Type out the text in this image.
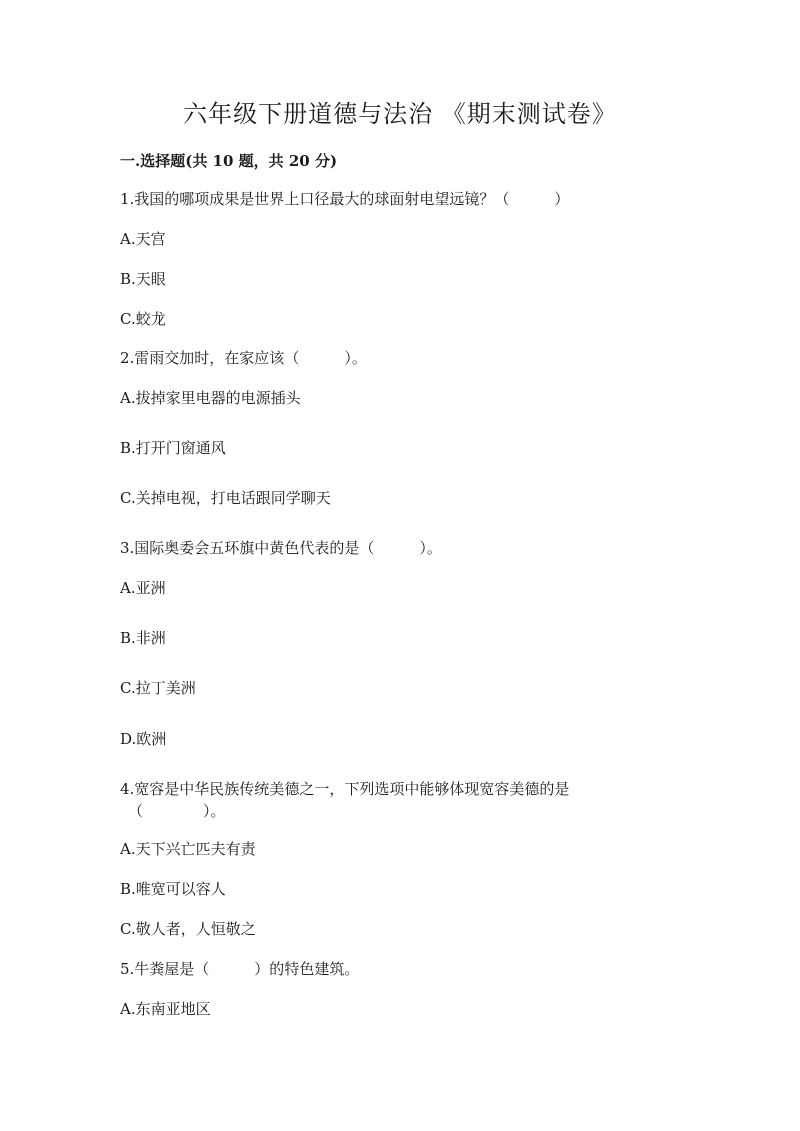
六年级下册道德与法治 《期末测试卷》

一.选择题(共 10 题，共 20 分)

1.我国的哪项成果是世界上口径最大的球面射电望远镜？（　　　）

A.天宫

B.天眼

C.蛟龙

2.雷雨交加时，在家应该（　　　）。

A.拔掉家里电器的电源插头

B.打开门窗通风

C.关掉电视，打电话跟同学聊天

3.国际奥委会五环旗中黄色代表的是（　　　）。

A.亚洲

B.非洲

C.拉丁美洲

D.欧洲

4.宽容是中华民族传统美德之一，下列选项中能够体现宽容美德的是

（　　　　）。

A.天下兴亡匹夫有责

B.唯宽可以容人

C.敬人者，人恒敬之

5.牛粪屋是（　　　）的特色建筑。

A.东南亚地区
